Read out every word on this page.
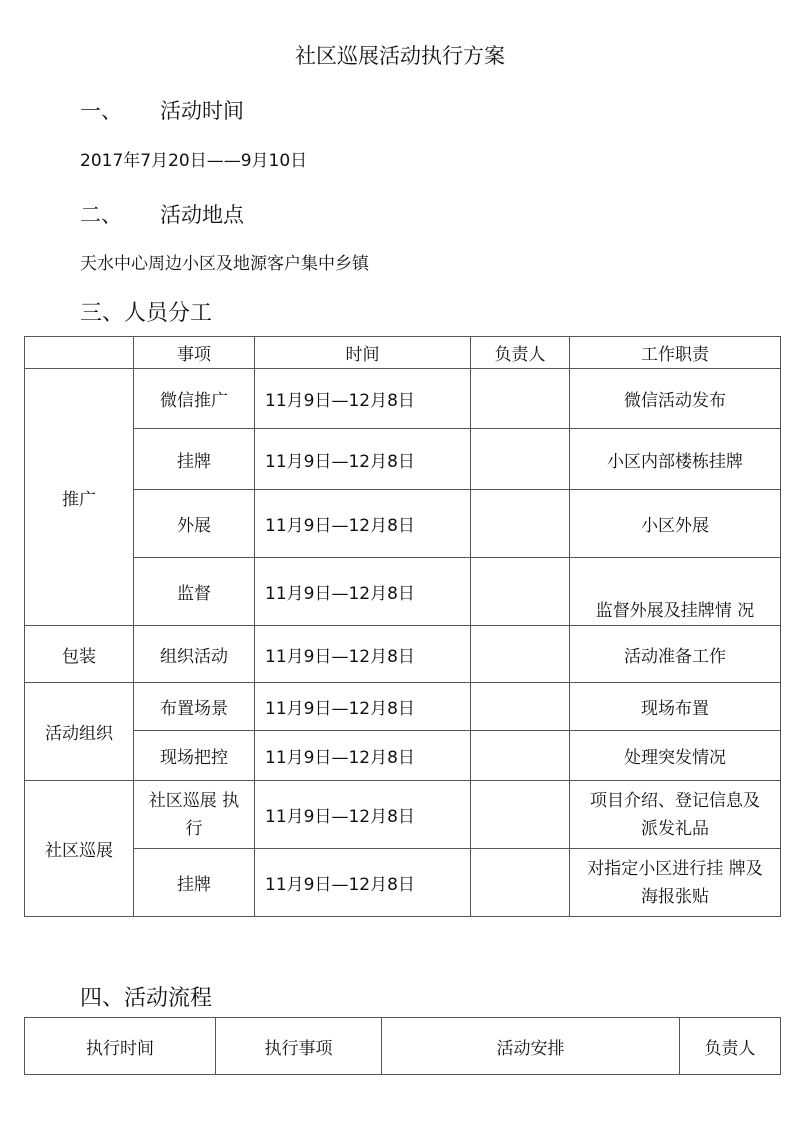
社区巡展活动执行方案
一、 活动时间
2017年7月20日——9月10日
二、 活动地点
天水中心周边小区及地源客户集中乡镇
三、人员分工
	事项	时间	负责人	工作职责
推广	微信推广	11月9日—12月8日		微信活动发布
	挂牌	11月9日—12月8日		小区内部楼栋挂牌
	外展	11月9日—12月8日		小区外展
	监督	11月9日—12月8日		监督外展及挂牌情 况
包装	组织活动	11月9日—12月8日		活动准备工作
活动组织	布置场景	11月9日—12月8日		现场布置
	现场把控	11月9日—12月8日		处理突发情况
社区巡展	社区巡展 执行	11月9日—12月8日		项目介绍、登记信息及派发礼品

	挂牌	11月9日—12月8日		对指定小区进行挂 牌及海报张贴
四、活动流程
执行时间	执行事项	活动安排	负责人
